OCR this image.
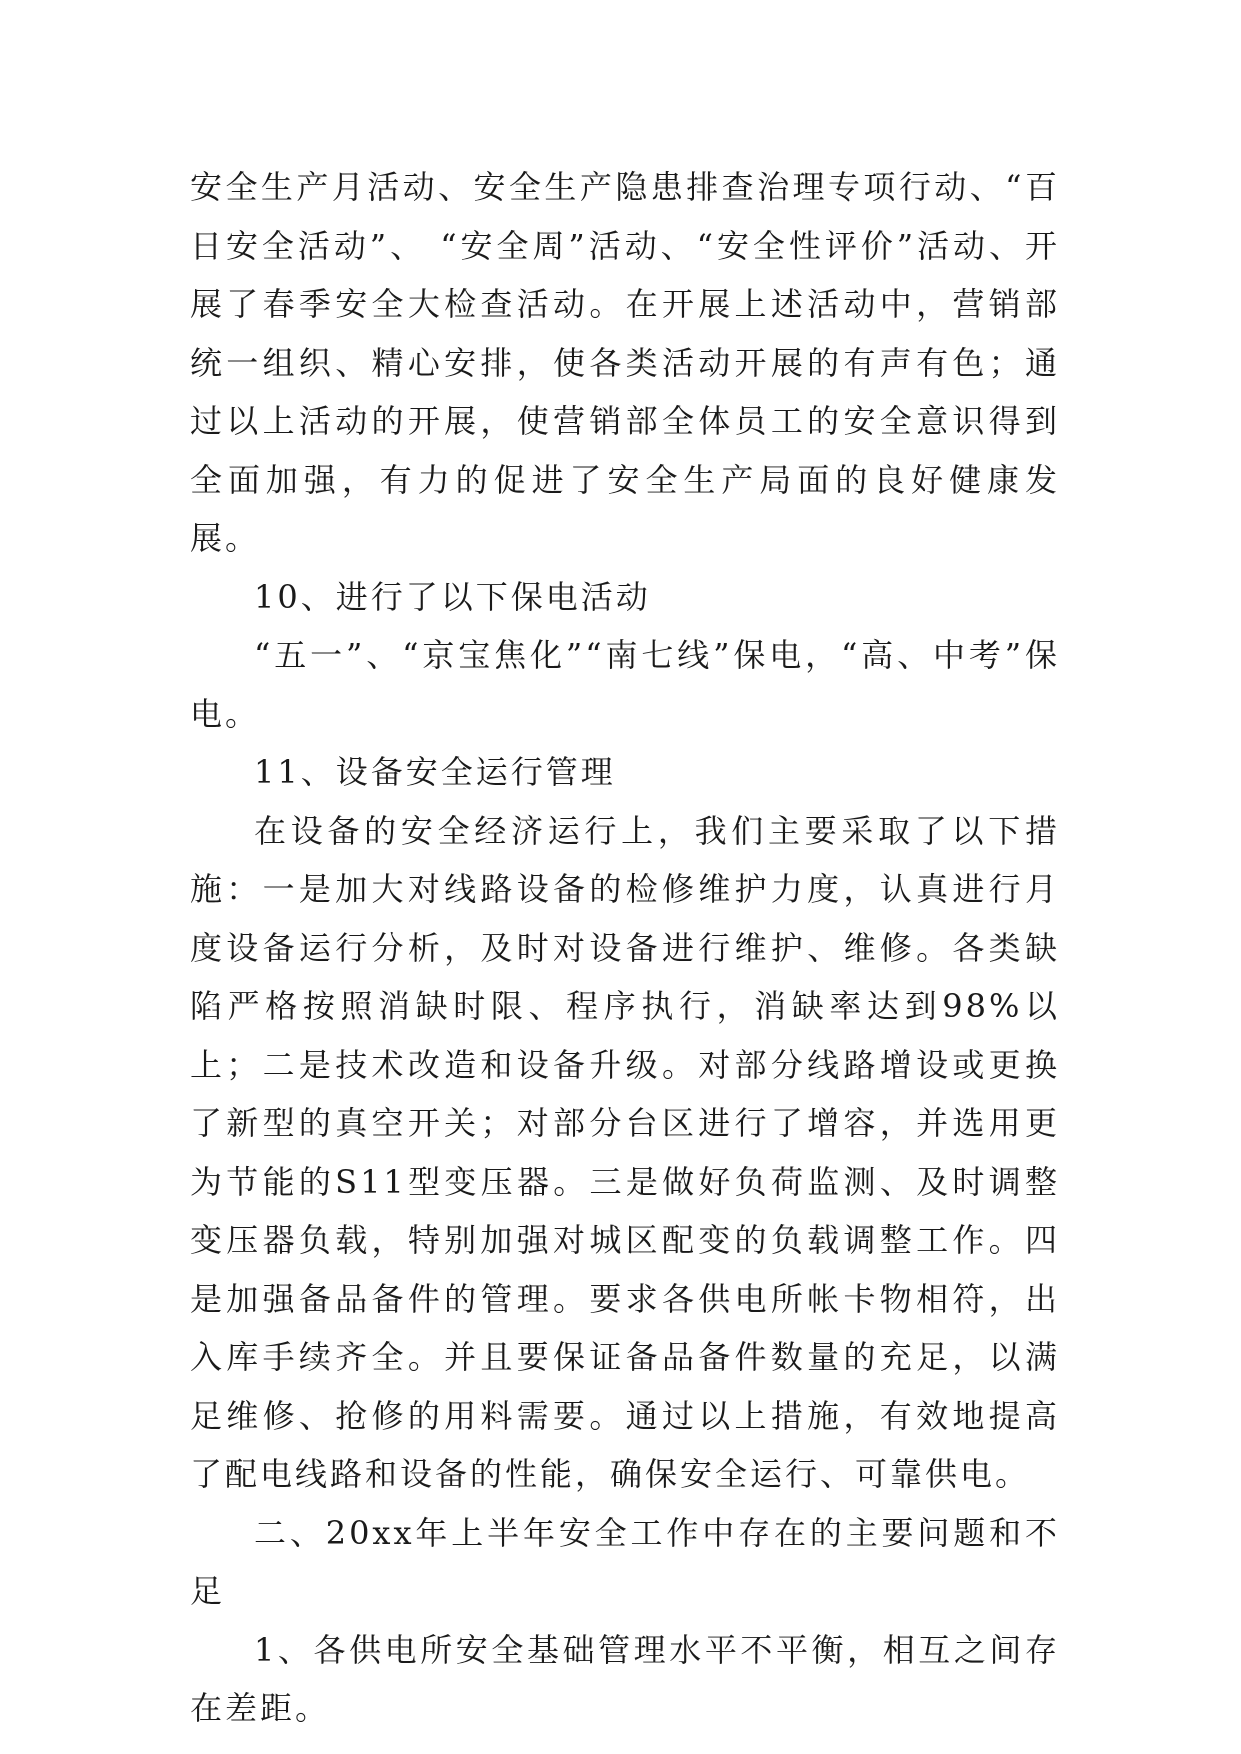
安全生产月活动、安全生产隐患排查治理专项行动、“百日安全活动”、 “安全周”活动、“安全性评价”活动、开展了春季安全大检查活动。在开展上述活动中，营销部统一组织、精心安排，使各类活动开展的有声有色；通过以上活动的开展，使营销部全体员工的安全意识得到全面加强，有力的促进了安全生产局面的良好健康发展。

10、进行了以下保电活动

“五一”、“京宝焦化”“南七线”保电，“高、中考”保电。

11、设备安全运行管理

在设备的安全经济运行上，我们主要采取了以下措施：一是加大对线路设备的检修维护力度，认真进行月度设备运行分析，及时对设备进行维护、维修。各类缺陷严格按照消缺时限、程序执行，消缺率达到98%以上；二是技术改造和设备升级。对部分线路增设或更换了新型的真空开关；对部分台区进行了增容，并选用更为节能的S11型变压器。三是做好负荷监测、及时调整变压器负载，特别加强对城区配变的负载调整工作。四是加强备品备件的管理。要求各供电所帐卡物相符，出入库手续齐全。并且要保证备品备件数量的充足，以满足维修、抢修的用料需要。通过以上措施，有效地提高了配电线路和设备的性能，确保安全运行、可靠供电。

二、20xx年上半年安全工作中存在的主要问题和不足

1、各供电所安全基础管理水平不平衡，相互之间存在差距。
